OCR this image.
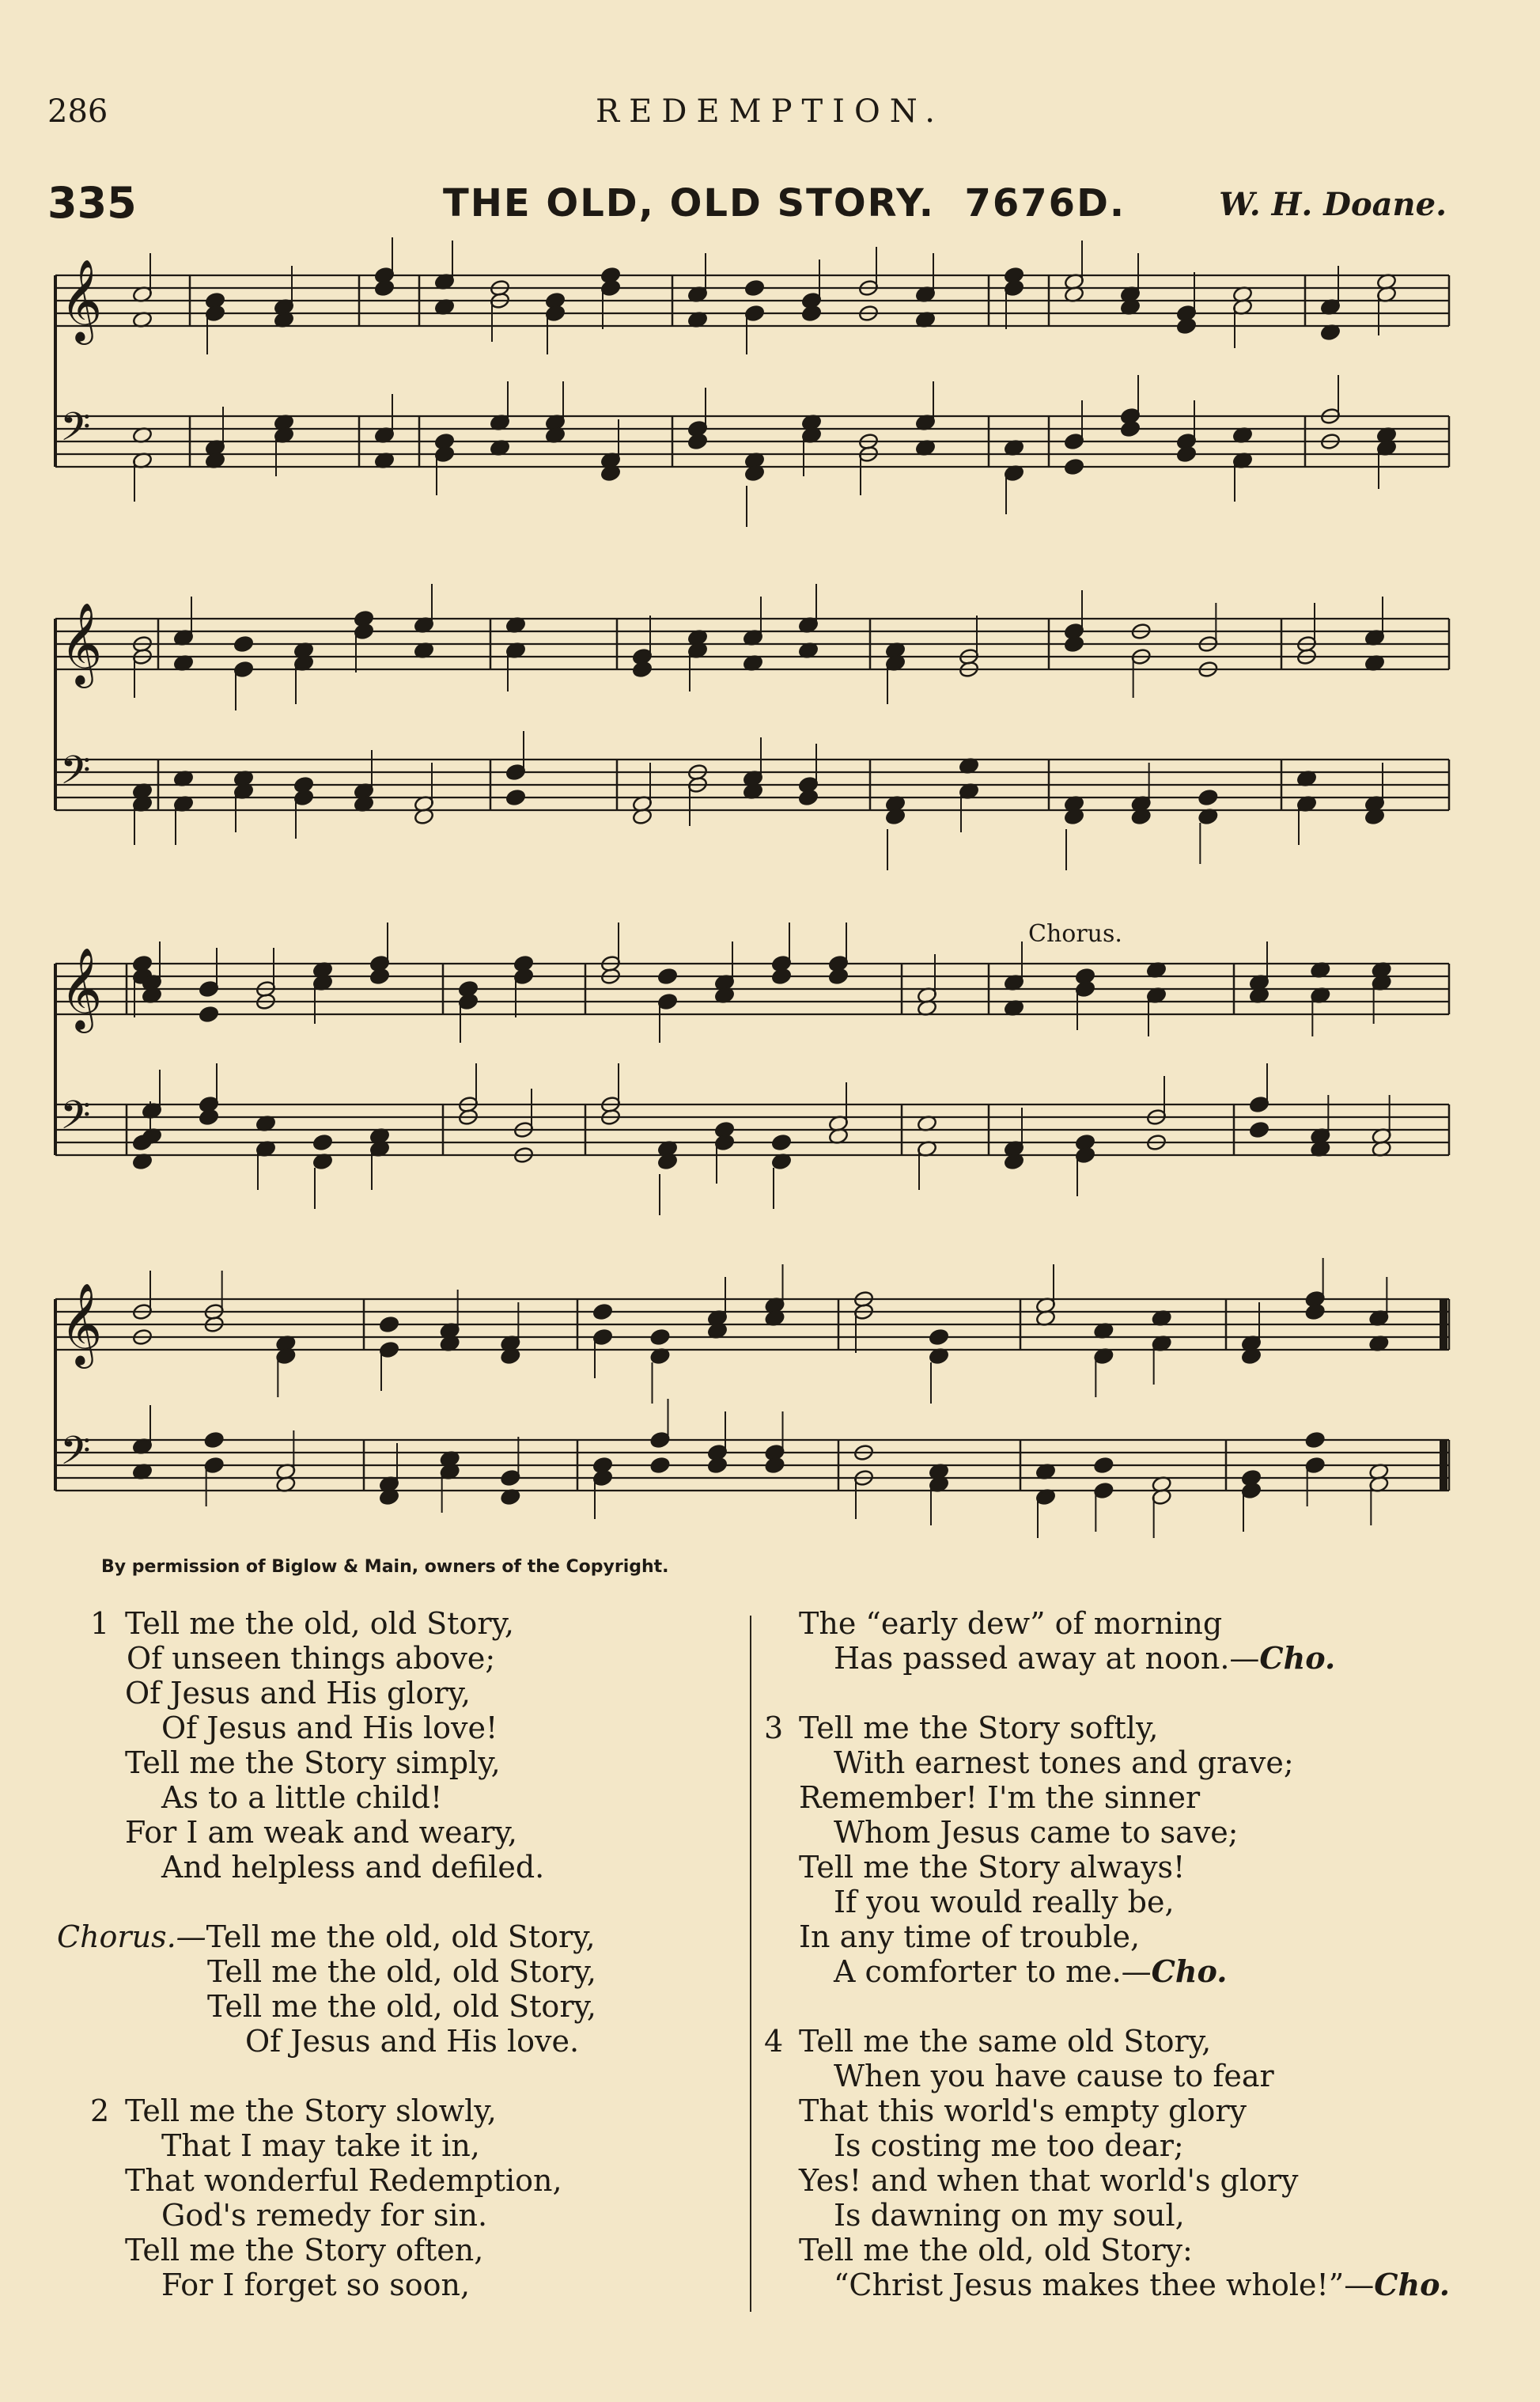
286	REDEMPTION.
335	THE OLD, OLD STORY. 7676D.	W. H. Doane.
Chorus.
𝄞
𝄢
𝄞
𝄢
𝄞
𝄢
𝄞
𝄢
By permission of Biglow & Main, owners of the Copyright.
1 Tell me the old, old Story,
Of unseen things above;
Of Jesus and His glory,
Of Jesus and His love!
Tell me the Story simply,
As to a little child!
For I am weak and weary,
And helpless and defiled.
Chorus.—Tell me the old, old Story,
Tell me the old, old Story,
Tell me the old, old Story,
Of Jesus and His love.
2 Tell me the Story slowly,
That I may take it in,
That wonderful Redemption,
God's remedy for sin.
Tell me the Story often,
For I forget so soon,
The “early dew” of morning
Has passed away at noon.—Cho.
3 Tell me the Story softly,
With earnest tones and grave;
Remember! I'm the sinner
Whom Jesus came to save;
Tell me the Story always!
If you would really be,
In any time of trouble,
A comforter to me.—Cho.
4 Tell me the same old Story,
When you have cause to fear
That this world's empty glory
Is costing me too dear;
Yes! and when that world's glory
Is dawning on my soul,
Tell me the old, old Story:
“Christ Jesus makes thee whole!”—Cho.
